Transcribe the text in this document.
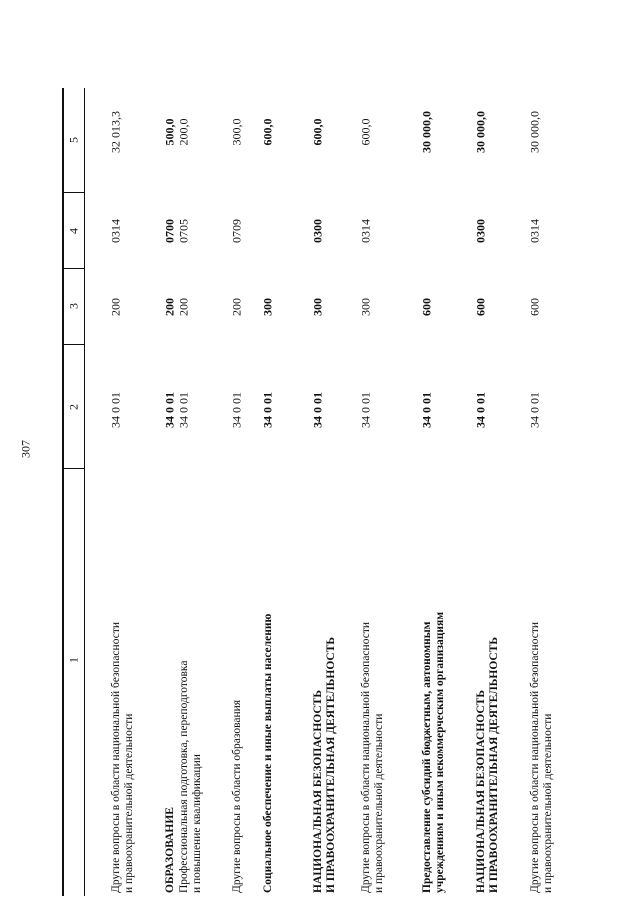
307
1
2
3
4
5
Другие вопросы в области национальной безопасности и правоохранительной деятельности
34 0 01
200
0314
32 013,3
ОБРАЗОВАНИЕ
34 0 01
200
0700
500,0
Профессиональная подготовка, переподготовка и повышение квалификации
34 0 01
200
0705
200,0
Другие вопросы в области образования
34 0 01
200
0709
300,0
Социальное обеспечение и иные выплаты населению
34 0 01
300
600,0
НАЦИОНАЛЬНАЯ БЕЗОПАСНОСТЬ И ПРАВООХРАНИТЕЛЬНАЯ ДЕЯТЕЛЬНОСТЬ
34 0 01
300
0300
600,0
Другие вопросы в области национальной безопасности и правоохранительной деятельности
34 0 01
300
0314
600,0
Предоставление субсидий бюджетным, автономным учреждениям и иным некоммерческим организациям
34 0 01
600
30 000,0
НАЦИОНАЛЬНАЯ БЕЗОПАСНОСТЬ И ПРАВООХРАНИТЕЛЬНАЯ ДЕЯТЕЛЬНОСТЬ
34 0 01
600
0300
30 000,0
Другие вопросы в области национальной безопасности и правоохранительной деятельности
34 0 01
600
0314
30 000,0
